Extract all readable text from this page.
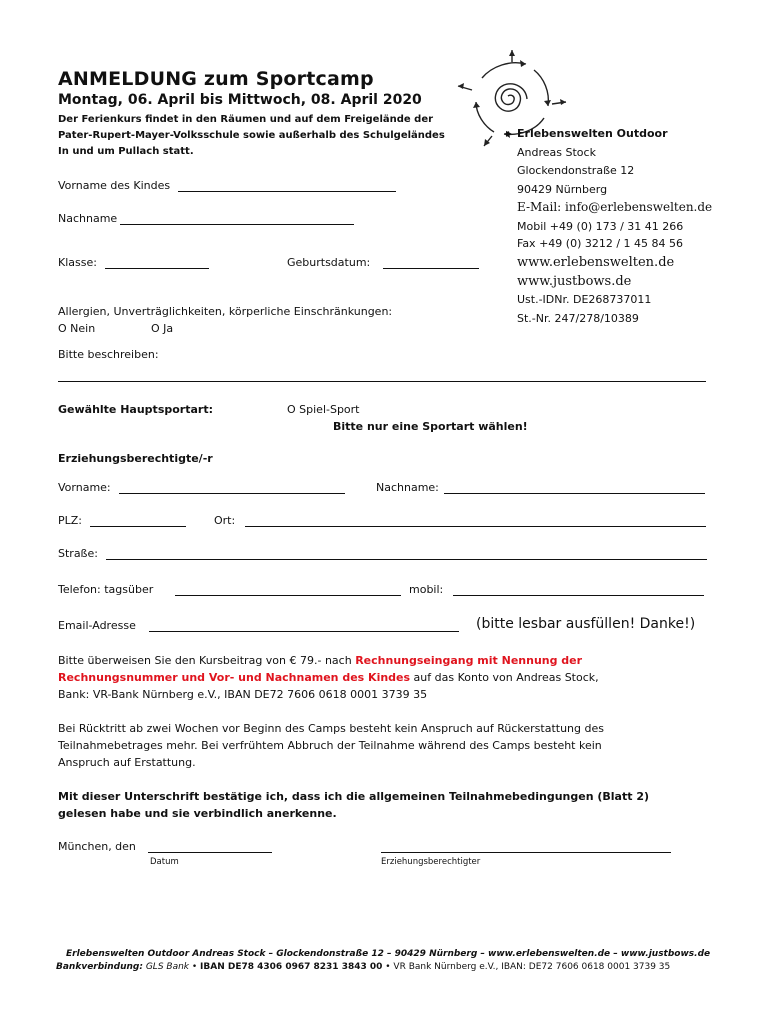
ANMELDUNG zum Sportcamp
Montag, 06. April bis Mittwoch, 08. April 2020
Der Ferienkurs findet in den Räumen und auf dem Freigelände der
Pater-Rupert-Mayer-Volksschule sowie außerhalb des Schulgeländes
In und um Pullach statt.
▸ Erlebenswelten Outdoor
Andreas Stock
Glockendonstraße 12
90429 Nürnberg
E-Mail: info@erlebenswelten.de
Mobil +49 (0) 173 / 31 41 266
Fax +49 (0) 3212 / 1 45 84 56
www.erlebenswelten.de
www.justbows.de
Ust.-IDNr. DE268737011
St.-Nr. 247/278/10389
Vorname des Kindes
Nachname
Klasse:	Geburtsdatum:
Allergien, Unverträglichkeiten, körperliche Einschränkungen:
O Nein	O Ja
Bitte beschreiben:
Gewählte Hauptsportart:	O Spiel-Sport
Bitte nur eine Sportart wählen!
Erziehungsberechtigte/-r
Vorname:	Nachname:
PLZ:	Ort:
Straße:
Telefon: tagsüber	mobil:
Email-Adresse	(bitte lesbar ausfüllen! Danke!)
Bitte überweisen Sie den Kursbeitrag von € 79.- nach Rechnungseingang mit Nennung der
Rechnungsnummer und Vor- und Nachnamen des Kindes auf das Konto von Andreas Stock,
Bank: VR-Bank Nürnberg e.V., IBAN DE72 7606 0618 0001 3739 35
Bei Rücktritt ab zwei Wochen vor Beginn des Camps besteht kein Anspruch auf Rückerstattung des
Teilnahmebetrages mehr. Bei verfrühtem Abbruch der Teilnahme während des Camps besteht kein
Anspruch auf Erstattung.
Mit dieser Unterschrift bestätige ich, dass ich die allgemeinen Teilnahmebedingungen (Blatt 2)
gelesen habe und sie verbindlich anerkenne.
München, den
Datum	Erziehungsberechtigter
Erlebenswelten Outdoor Andreas Stock – Glockendonstraße 12 – 90429 Nürnberg – www.erlebenswelten.de – www.justbows.de
Bankverbindung: GLS Bank • IBAN DE78 4306 0967 8231 3843 00 • VR Bank Nürnberg e.V., IBAN: DE72 7606 0618 0001 3739 35
